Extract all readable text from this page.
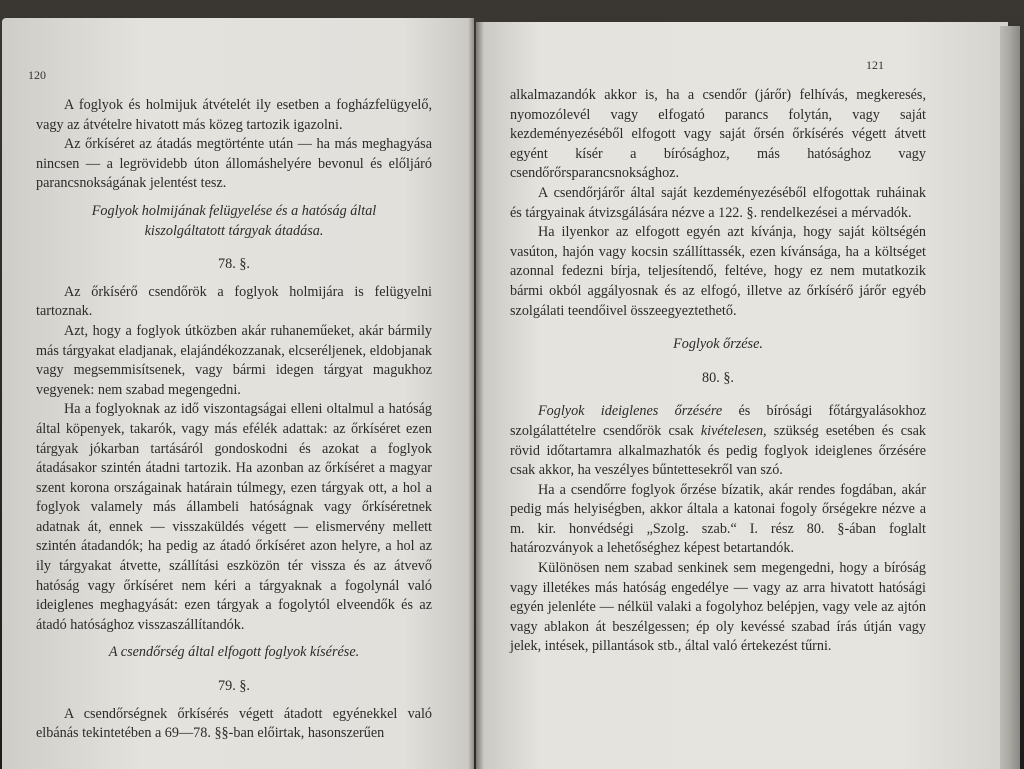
120

A foglyok és holmijuk átvételét ily esetben a fogházfelügyelő, vagy az átvételre hivatott más közeg tartozik igazolni.

Az őrkíséret az átadás megtörténte után — ha más meghagyása nincsen — a legrövidebb úton állomáshelyére bevonul és előljáró parancsnokságának jelentést tesz.

Foglyok holmijának felügyelése és a hatóság által kiszolgáltatott tárgyak átadása.

78. §.

Az őrkísérő csendőrök a foglyok holmijára is felügyelni tartoznak.

Azt, hogy a foglyok útközben akár ruhaneműeket, akár bármily más tárgyakat eladjanak, elajándékozzanak, elcseréljenek, eldobjanak vagy megsemmisítsenek, vagy bármi idegen tárgyat magukhoz vegyenek: nem szabad megengedni.

Ha a foglyoknak az idő viszontagságai elleni oltalmul a hatóság által köpenyek, takarók, vagy más efélék adattak: az őrkíséret ezen tárgyak jókarban tartásáról gondoskodni és azokat a foglyok átadásakor szintén átadni tartozik. Ha azonban az őrkíséret a magyar szent korona országainak határain túlmegy, ezen tárgyak ott, a hol a foglyok valamely más állambeli hatóságnak vagy őrkíséretnek adatnak át, ennek — visszaküldés végett — elismervény mellett szintén átadandók; ha pedig az átadó őrkíséret azon helyre, a hol az ily tárgyakat átvette, szállítási eszközön tér vissza és az átvevő hatóság vagy őrkíséret nem kéri a tárgyaknak a fogolynál való ideiglenes meghagyását: ezen tárgyak a fogolytól elveendők és az átadó hatósághoz visszaszállítandók.

A csendőrség által elfogott foglyok kísérése.

79. §.

A csendőrségnek őrkísérés végett átadott egyénekkel való elbánás tekintetében a 69—78. §§-ban előirtak, hasonszerűen

121

alkalmazandók akkor is, ha a csendőr (járőr) felhívás, megkeresés, nyomozólevél vagy elfogató parancs folytán, vagy saját kezdeményezéséből elfogott vagy saját őrsén őrkísérés végett átvett egyént kísér a bírósághoz, más hatósághoz vagy csendőrőrsparancsnoksághoz.

A csendőrjárőr által saját kezdeményezéséből elfogottak ruháinak és tárgyainak átvizsgálására nézve a 122. §. rendelkezései a mérvadók.

Ha ilyenkor az elfogott egyén azt kívánja, hogy saját költségén vasúton, hajón vagy kocsin szállíttassék, ezen kívánsága, ha a költséget azonnal fedezni bírja, teljesítendő, feltéve, hogy ez nem mutatkozik bármi okból aggályosnak és az elfogó, illetve az őrkísérő járőr egyéb szolgálati teendőivel összeegyeztethető.

Foglyok őrzése.

80. §.

Foglyok ideiglenes őrzésére és bírósági főtárgyalásokhoz szolgálattételre csendőrök csak kivételesen, szükség esetében és csak rövid időtartamra alkalmazhatók és pedig foglyok ideiglenes őrzésére csak akkor, ha veszélyes bűntettesekről van szó.

Ha a csendőrre foglyok őrzése bízatik, akár rendes fogdában, akár pedig más helyiségben, akkor általa a katonai fogoly őrségekre nézve a m. kir. honvédségi „Szolg. szab.“ I. rész 80. §-ában foglalt határozványok a lehetőséghez képest betartandók.

Különösen nem szabad senkinek sem megengedni, hogy a bíróság vagy illetékes más hatóság engedélye — vagy az arra hivatott hatósági egyén jelenléte — nélkül valaki a fogolyhoz belépjen, vagy vele az ajtón vagy ablakon át beszélgessen; ép oly kevéssé szabad írás útján vagy jelek, intések, pillantások stb., által való értekezést tűrni.
